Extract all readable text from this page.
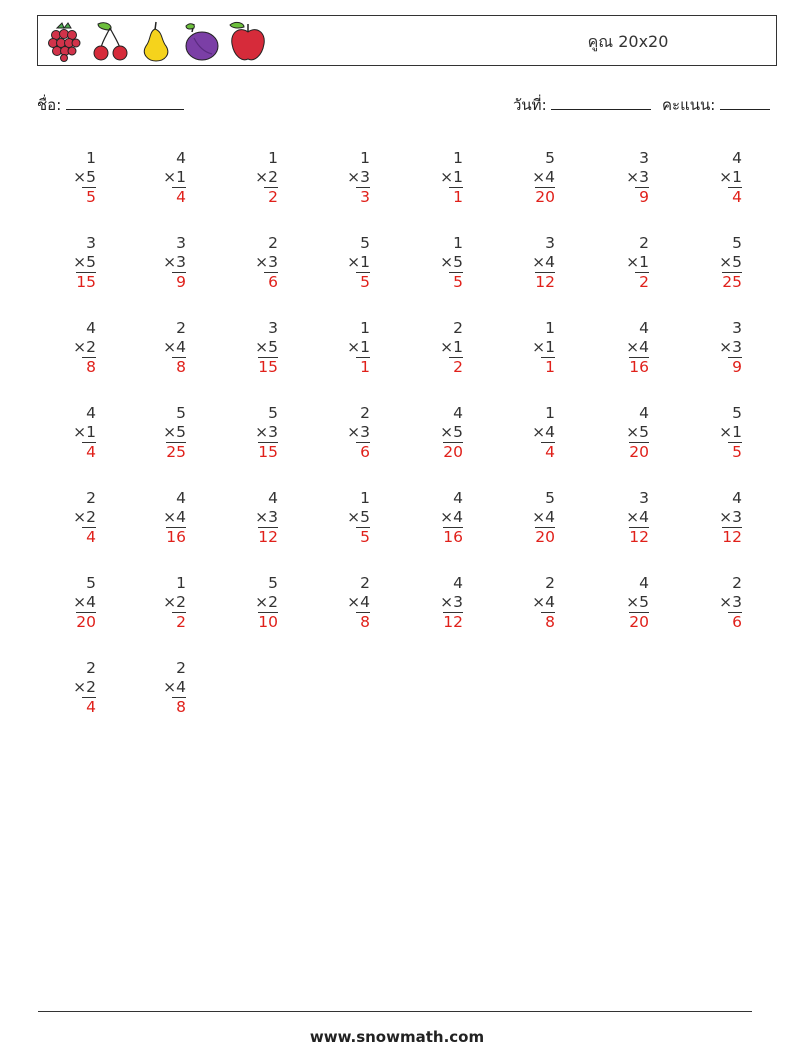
คูณ 20x20
ชื่อ:	วันที่:	คะแนน:
1
×5
5
4
×1
4
1
×2
2
1
×3
3
1
×1
1
5
×4
20
3
×3
9
4
×1
4
3
×5
15
3
×3
9
2
×3
6
5
×1
5
1
×5
5
3
×4
12
2
×1
2
5
×5
25
4
×2
8
2
×4
8
3
×5
15
1
×1
1
2
×1
2
1
×1
1
4
×4
16
3
×3
9
4
×1
4
5
×5
25
5
×3
15
2
×3
6
4
×5
20
1
×4
4
4
×5
20
5
×1
5
2
×2
4
4
×4
16
4
×3
12
1
×5
5
4
×4
16
5
×4
20
3
×4
12
4
×3
12
5
×4
20
1
×2
2
5
×2
10
2
×4
8
4
×3
12
2
×4
8
4
×5
20
2
×3
6
2
×2
4
2
×4
8
www.snowmath.com
